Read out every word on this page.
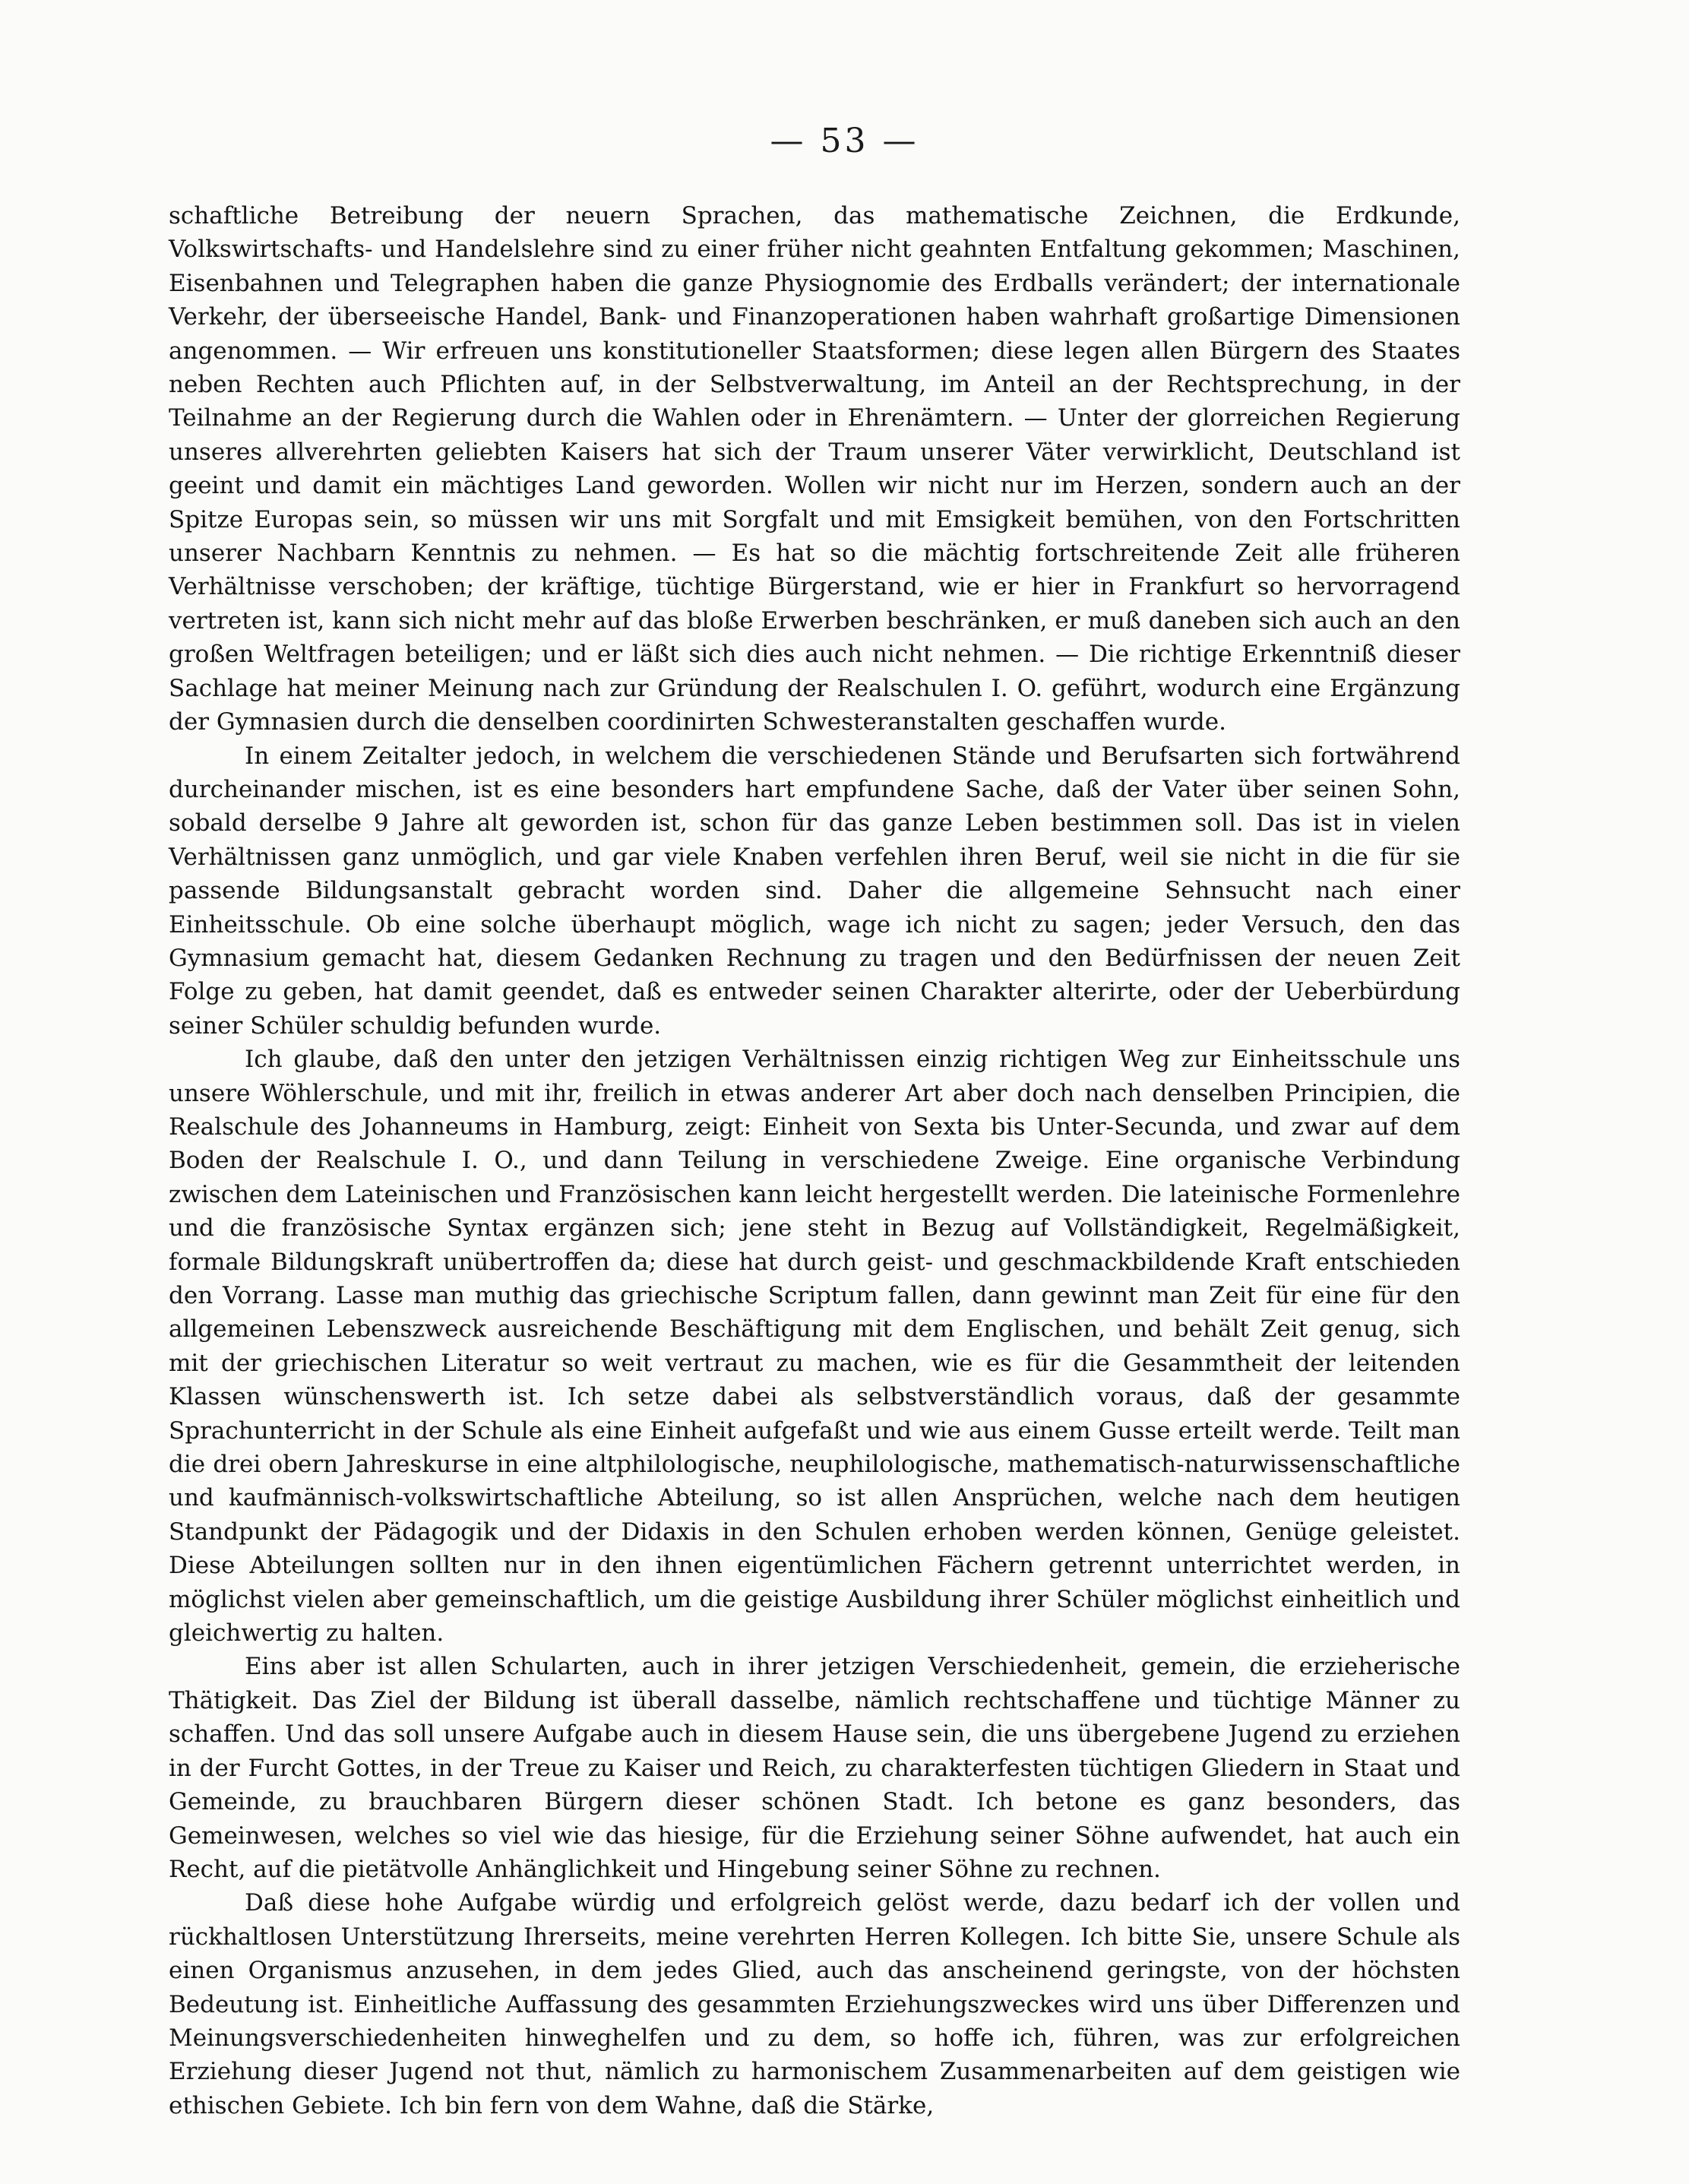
— 53 —

schaftliche Betreibung der neuern Sprachen, das mathematische Zeichnen, die Erdkunde, Volkswirtschafts- und Handelslehre sind zu einer früher nicht geahnten Entfaltung gekommen; Maschinen, Eisenbahnen und Telegraphen haben die ganze Physiognomie des Erdballs verändert; der internationale Verkehr, der überseeische Handel, Bank- und Finanzoperationen haben wahrhaft großartige Dimensionen angenommen. — Wir erfreuen uns konstitutioneller Staatsformen; diese legen allen Bürgern des Staates neben Rechten auch Pflichten auf, in der Selbstverwaltung, im Anteil an der Rechtsprechung, in der Teilnahme an der Regierung durch die Wahlen oder in Ehrenämtern. — Unter der glorreichen Regierung unseres allverehrten geliebten Kaisers hat sich der Traum unserer Väter verwirklicht, Deutschland ist geeint und damit ein mächtiges Land geworden. Wollen wir nicht nur im Herzen, sondern auch an der Spitze Europas sein, so müssen wir uns mit Sorgfalt und mit Emsigkeit bemühen, von den Fortschritten unserer Nachbarn Kenntnis zu nehmen. — Es hat so die mächtig fortschreitende Zeit alle früheren Verhältnisse verschoben; der kräftige, tüchtige Bürgerstand, wie er hier in Frankfurt so hervorragend vertreten ist, kann sich nicht mehr auf das bloße Erwerben beschränken, er muß daneben sich auch an den großen Weltfragen beteiligen; und er läßt sich dies auch nicht nehmen. — Die richtige Erkenntniß dieser Sachlage hat meiner Meinung nach zur Gründung der Realschulen I. O. geführt, wodurch eine Ergänzung der Gymnasien durch die denselben coordinirten Schwesteranstalten geschaffen wurde.

In einem Zeitalter jedoch, in welchem die verschiedenen Stände und Berufsarten sich fortwährend durcheinander mischen, ist es eine besonders hart empfundene Sache, daß der Vater über seinen Sohn, sobald derselbe 9 Jahre alt geworden ist, schon für das ganze Leben bestimmen soll. Das ist in vielen Verhältnissen ganz unmöglich, und gar viele Knaben verfehlen ihren Beruf, weil sie nicht in die für sie passende Bildungsanstalt gebracht worden sind. Daher die allgemeine Sehnsucht nach einer Einheitsschule. Ob eine solche überhaupt möglich, wage ich nicht zu sagen; jeder Versuch, den das Gymnasium gemacht hat, diesem Gedanken Rechnung zu tragen und den Bedürfnissen der neuen Zeit Folge zu geben, hat damit geendet, daß es entweder seinen Charakter alterirte, oder der Ueberbürdung seiner Schüler schuldig befunden wurde.

Ich glaube, daß den unter den jetzigen Verhältnissen einzig richtigen Weg zur Einheitsschule uns unsere Wöhlerschule, und mit ihr, freilich in etwas anderer Art aber doch nach denselben Principien, die Realschule des Johanneums in Hamburg, zeigt: Einheit von Sexta bis Unter-Secunda, und zwar auf dem Boden der Realschule I. O., und dann Teilung in verschiedene Zweige. Eine organische Verbindung zwischen dem Lateinischen und Französischen kann leicht hergestellt werden. Die lateinische Formenlehre und die französische Syntax ergänzen sich; jene steht in Bezug auf Vollständigkeit, Regelmäßigkeit, formale Bildungskraft unübertroffen da; diese hat durch geist- und geschmackbildende Kraft entschieden den Vorrang. Lasse man muthig das griechische Scriptum fallen, dann gewinnt man Zeit für eine für den allgemeinen Lebenszweck ausreichende Beschäftigung mit dem Englischen, und behält Zeit genug, sich mit der griechischen Literatur so weit vertraut zu machen, wie es für die Gesammtheit der leitenden Klassen wünschenswerth ist. Ich setze dabei als selbstverständlich voraus, daß der gesammte Sprachunterricht in der Schule als eine Einheit aufgefaßt und wie aus einem Gusse erteilt werde. Teilt man die drei obern Jahreskurse in eine altphilologische, neuphilologische, mathematisch-naturwissenschaftliche und kaufmännisch-volkswirtschaftliche Abteilung, so ist allen Ansprüchen, welche nach dem heutigen Standpunkt der Pädagogik und der Didaxis in den Schulen erhoben werden können, Genüge geleistet. Diese Abteilungen sollten nur in den ihnen eigentümlichen Fächern getrennt unterrichtet werden, in möglichst vielen aber gemeinschaftlich, um die geistige Ausbildung ihrer Schüler möglichst einheitlich und gleichwertig zu halten.

Eins aber ist allen Schularten, auch in ihrer jetzigen Verschiedenheit, gemein, die erzieherische Thätigkeit. Das Ziel der Bildung ist überall dasselbe, nämlich rechtschaffene und tüchtige Männer zu schaffen. Und das soll unsere Aufgabe auch in diesem Hause sein, die uns übergebene Jugend zu erziehen in der Furcht Gottes, in der Treue zu Kaiser und Reich, zu charakterfesten tüchtigen Gliedern in Staat und Gemeinde, zu brauchbaren Bürgern dieser schönen Stadt. Ich betone es ganz besonders, das Gemeinwesen, welches so viel wie das hiesige, für die Erziehung seiner Söhne aufwendet, hat auch ein Recht, auf die pietätvolle Anhänglichkeit und Hingebung seiner Söhne zu rechnen.

Daß diese hohe Aufgabe würdig und erfolgreich gelöst werde, dazu bedarf ich der vollen und rückhaltlosen Unterstützung Ihrerseits, meine verehrten Herren Kollegen. Ich bitte Sie, unsere Schule als einen Organismus anzusehen, in dem jedes Glied, auch das anscheinend geringste, von der höchsten Bedeutung ist. Einheitliche Auffassung des gesammten Erziehungszweckes wird uns über Differenzen und Meinungsverschiedenheiten hinweghelfen und zu dem, so hoffe ich, führen, was zur erfolgreichen Erziehung dieser Jugend not thut, nämlich zu harmonischem Zusammenarbeiten auf dem geistigen wie ethischen Gebiete. Ich bin fern von dem Wahne, daß die Stärke,
